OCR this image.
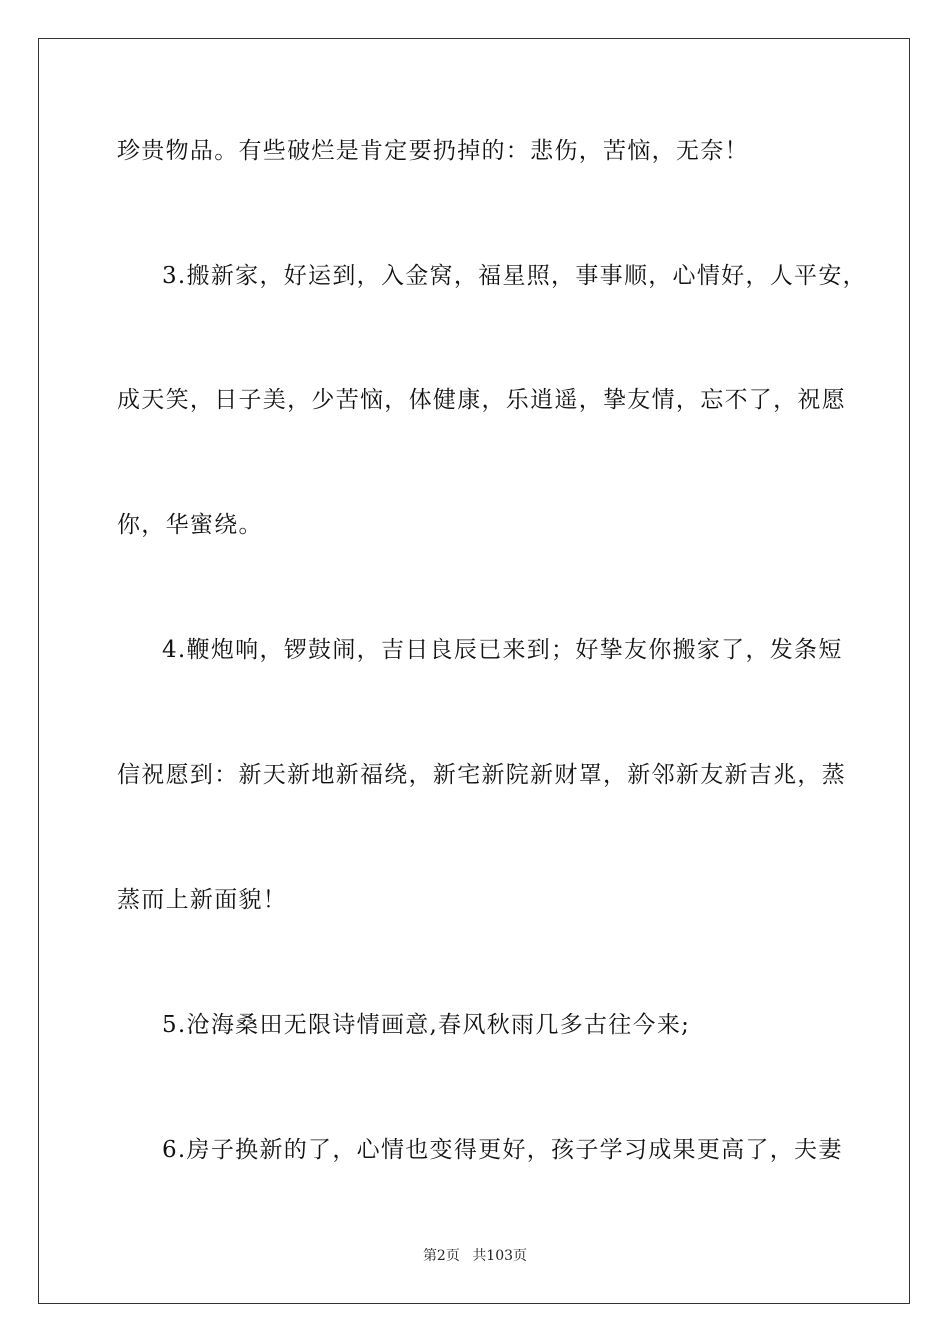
珍贵物品。有些破烂是肯定要扔掉的：悲伤，苦恼，无奈！
3.搬新家，好运到，入金窝，福星照，事事顺，心情好，人平安，
成天笑，日子美，少苦恼，体健康，乐逍遥，挚友情，忘不了，祝愿
你，华蜜绕。
4.鞭炮响，锣鼓闹，吉日良辰已来到；好挚友你搬家了，发条短
信祝愿到：新天新地新福绕，新宅新院新财罩，新邻新友新吉兆，蒸
蒸而上新面貌！
5.沧海桑田无限诗情画意,春风秋雨几多古往今来;
6.房子换新的了，心情也变得更好，孩子学习成果更高了，夫妻
第2页 共103页
